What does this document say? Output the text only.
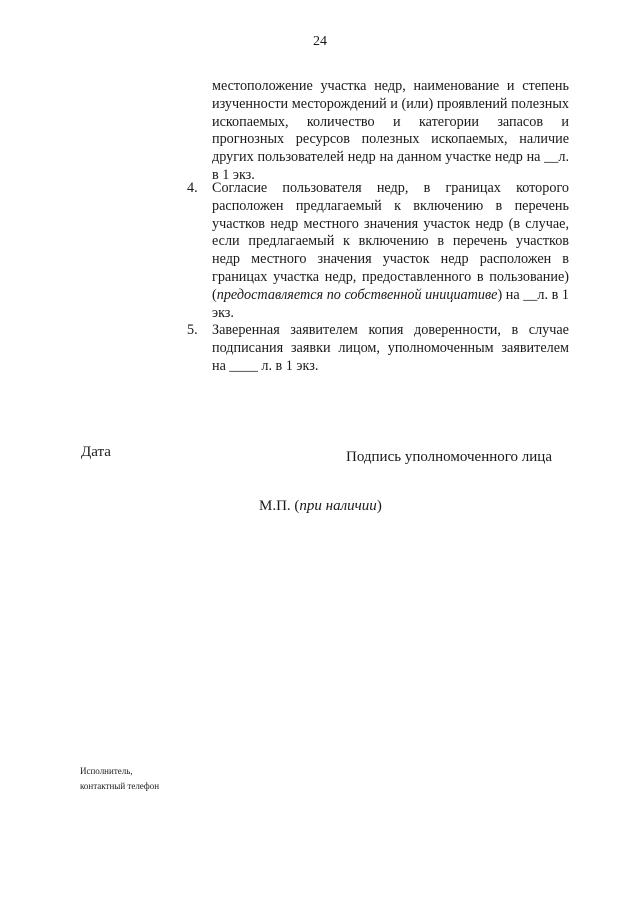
24
местоположение участка недр, наименование и степень изученности месторождений и (или) проявлений полезных ископаемых, количество и категории запасов и прогнозных ресурсов полезных ископаемых, наличие других пользователей недр на данном участке недр на __л. в 1 экз.
4. Согласие пользователя недр, в границах которого расположен предлагаемый к включению в перечень участков недр местного значения участок недр (в случае, если предлагаемый к включению в перечень участков недр местного значения участок недр расположен в границах участка недр, предоставленного в пользование) (предоставляется по собственной инициативе) на __л. в 1 экз.
5. Заверенная заявителем копия доверенности, в случае подписания заявки лицом, уполномоченным заявителем на ____ л. в 1 экз.
Дата	Подпись уполномоченного лица
М.П. (при наличии)
Исполнитель,
контактный телефон
